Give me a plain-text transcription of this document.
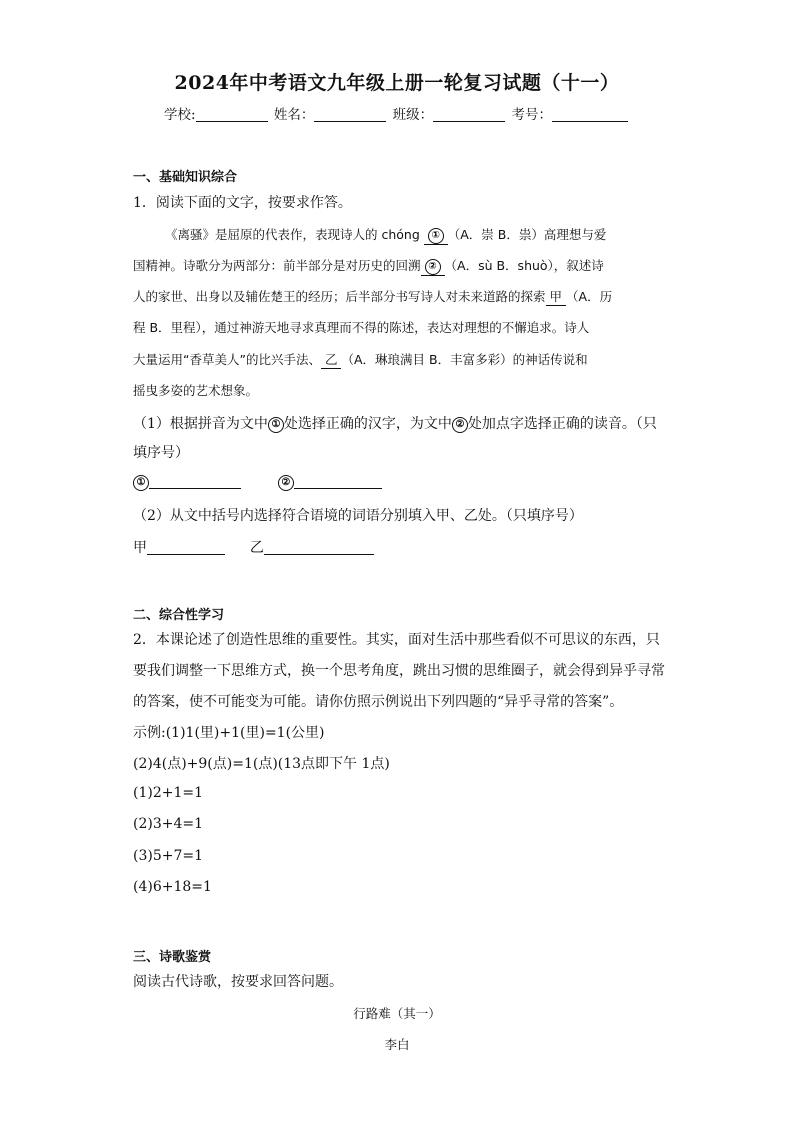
2024年中考语文九年级上册一轮复习试题（十一）
学校:	姓名：	班级：	考号：
一、基础知识综合
1．阅读下面的文字，按要求作答。
《离骚》是屈原的代表作，表现诗人的 chóng ① （A．崇 B．祟）高理想与爱
国精神。诗歌分为两部分：前半部分是对历史的回溯 ② （A．sù B．shuò），叙述诗
人的家世、出身以及辅佐楚王的经历；后半部分书写诗人对未来道路的探索 甲 （A．历
程 B．里程），通过神游天地寻求真理而不得的陈述，表达对理想的不懈追求。诗人
大量运用“香草美人”的比兴手法、 乙 （A．琳琅满目 B．丰富多彩）的神话传说和
摇曳多姿的艺术想象。
（1）根据拼音为文中 ① 处选择正确的汉字，为文中 ② 处加点字选择正确的读音。（只
填序号）
①	②
（2）从文中括号内选择符合语境的词语分别填入甲、乙处。（只填序号）
甲	乙
二、综合性学习
2．本课论述了创造性思维的重要性。其实，面对生活中那些看似不可思议的东西，只
要我们调整一下思维方式，换一个思考角度，跳出习惯的思维圈子，就会得到异乎寻常
的答案，使不可能变为可能。请你仿照示例说出下列四题的“异乎寻常的答案”。
示例:(1)1(里)+1(里)=1(公里)
(2)4(点)+9(点)=1(点)(13点即下午 1点)
(1)2+1=1
(2)3+4=1
(3)5+7=1
(4)6+18=1
三、诗歌鉴赏
阅读古代诗歌，按要求回答问题。
行路难（其一）
李白
